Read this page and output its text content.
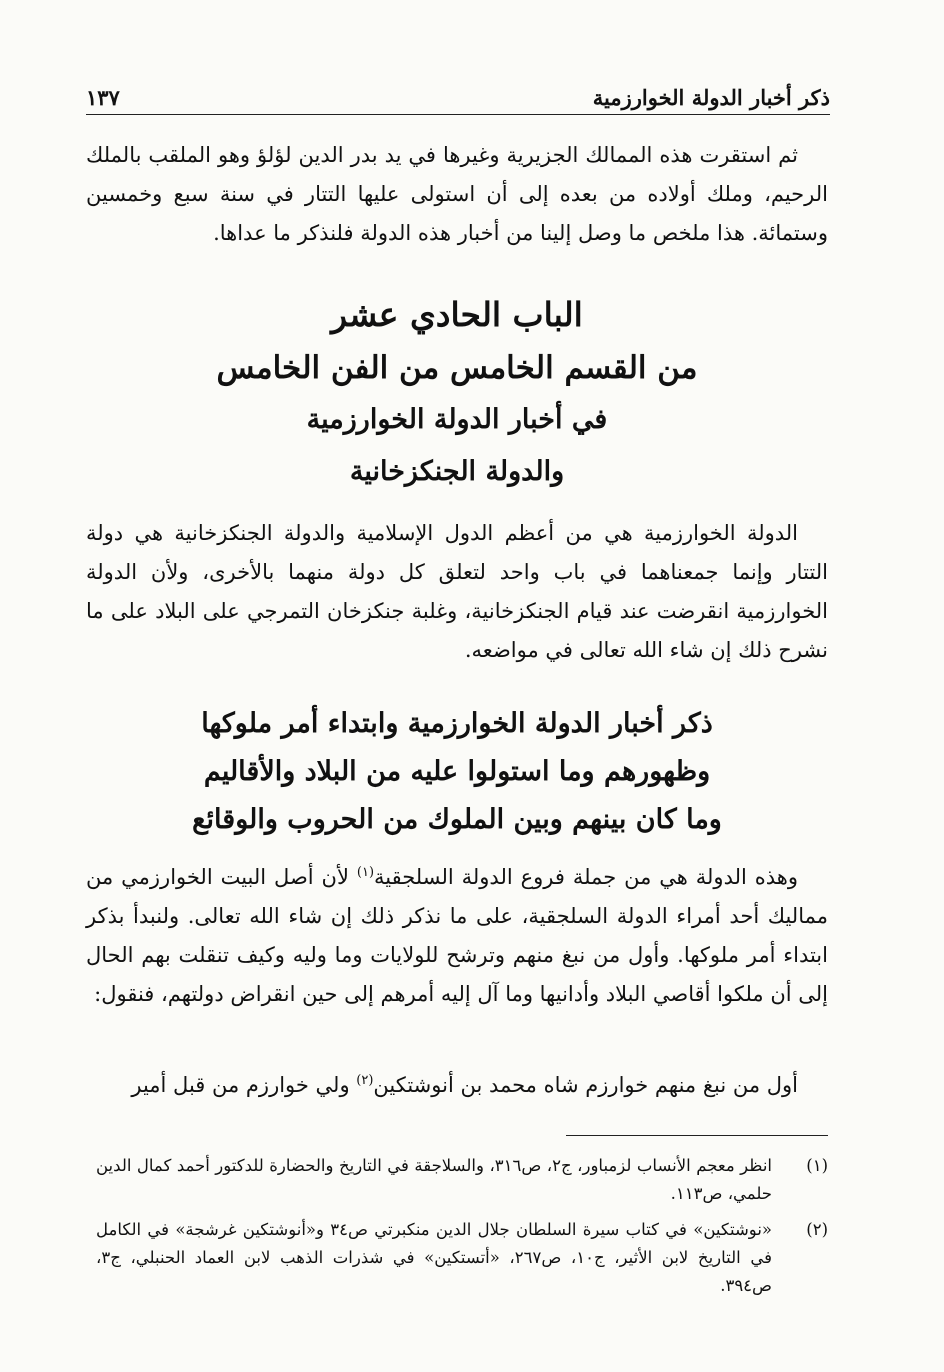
ذكر أخبار الدولة الخوارزمية
١٣٧

ثم استقرت هذه الممالك الجزيرية وغيرها في يد بدر الدين لؤلؤ وهو الملقب بالملك الرحيم، وملك أولاده من بعده إلى أن استولى عليها التتار في سنة سبع وخمسين وستمائة. هذا ملخص ما وصل إلينا من أخبار هذه الدولة فلنذكر ما عداها.

الباب الحادي عشر
من القسم الخامس من الفن الخامس
في أخبار الدولة الخوارزمية
والدولة الجنكزخانية

الدولة الخوارزمية هي من أعظم الدول الإسلامية والدولة الجنكزخانية هي دولة التتار وإنما جمعناهما في باب واحد لتعلق كل دولة منهما بالأخرى، ولأن الدولة الخوارزمية انقرضت عند قيام الجنكزخانية، وغلبة جنكزخان التمرجي على البلاد على ما نشرح ذلك إن شاء الله تعالى في مواضعه.

ذكر أخبار الدولة الخوارزمية وابتداء أمر ملوكها
وظهورهم وما استولوا عليه من البلاد والأقاليم
وما كان بينهم وبين الملوك من الحروب والوقائع

وهذه الدولة هي من جملة فروع الدولة السلجقية$^{(١)}$ لأن أصل البيت الخوارزمي من مماليك أحد أمراء الدولة السلجقية، على ما نذكر ذلك إن شاء الله تعالى. ولنبدأ بذكر ابتداء أمر ملوكها. وأول من نبغ منهم وترشح للولايات وما وليه وكيف تنقلت بهم الحال إلى أن ملكوا أقاصي البلاد وأدانيها وما آل إليه أمرهم إلى حين انقراض دولتهم، فنقول:

أول من نبغ منهم خوارزم شاه محمد بن أنوشتكين$^{(٢)}$ ولي خوارزم من قبل أمير

(١)
انظر معجم الأنساب لزمباور، ج٢، ص٣١٦، والسلاجقة في التاريخ والحضارة للدكتور أحمد كمال الدين حلمي، ص١١٣.
(٢)
«نوشتكين» في كتاب سيرة السلطان جلال الدين منكبرتي ص٣٤ و«أنوشتكين غرشجة» في الكامل في التاريخ لابن الأثير، ج١٠، ص٢٦٧، «أتستكين» في شذرات الذهب لابن العماد الحنبلي، ج٣، ص٣٩٤.
